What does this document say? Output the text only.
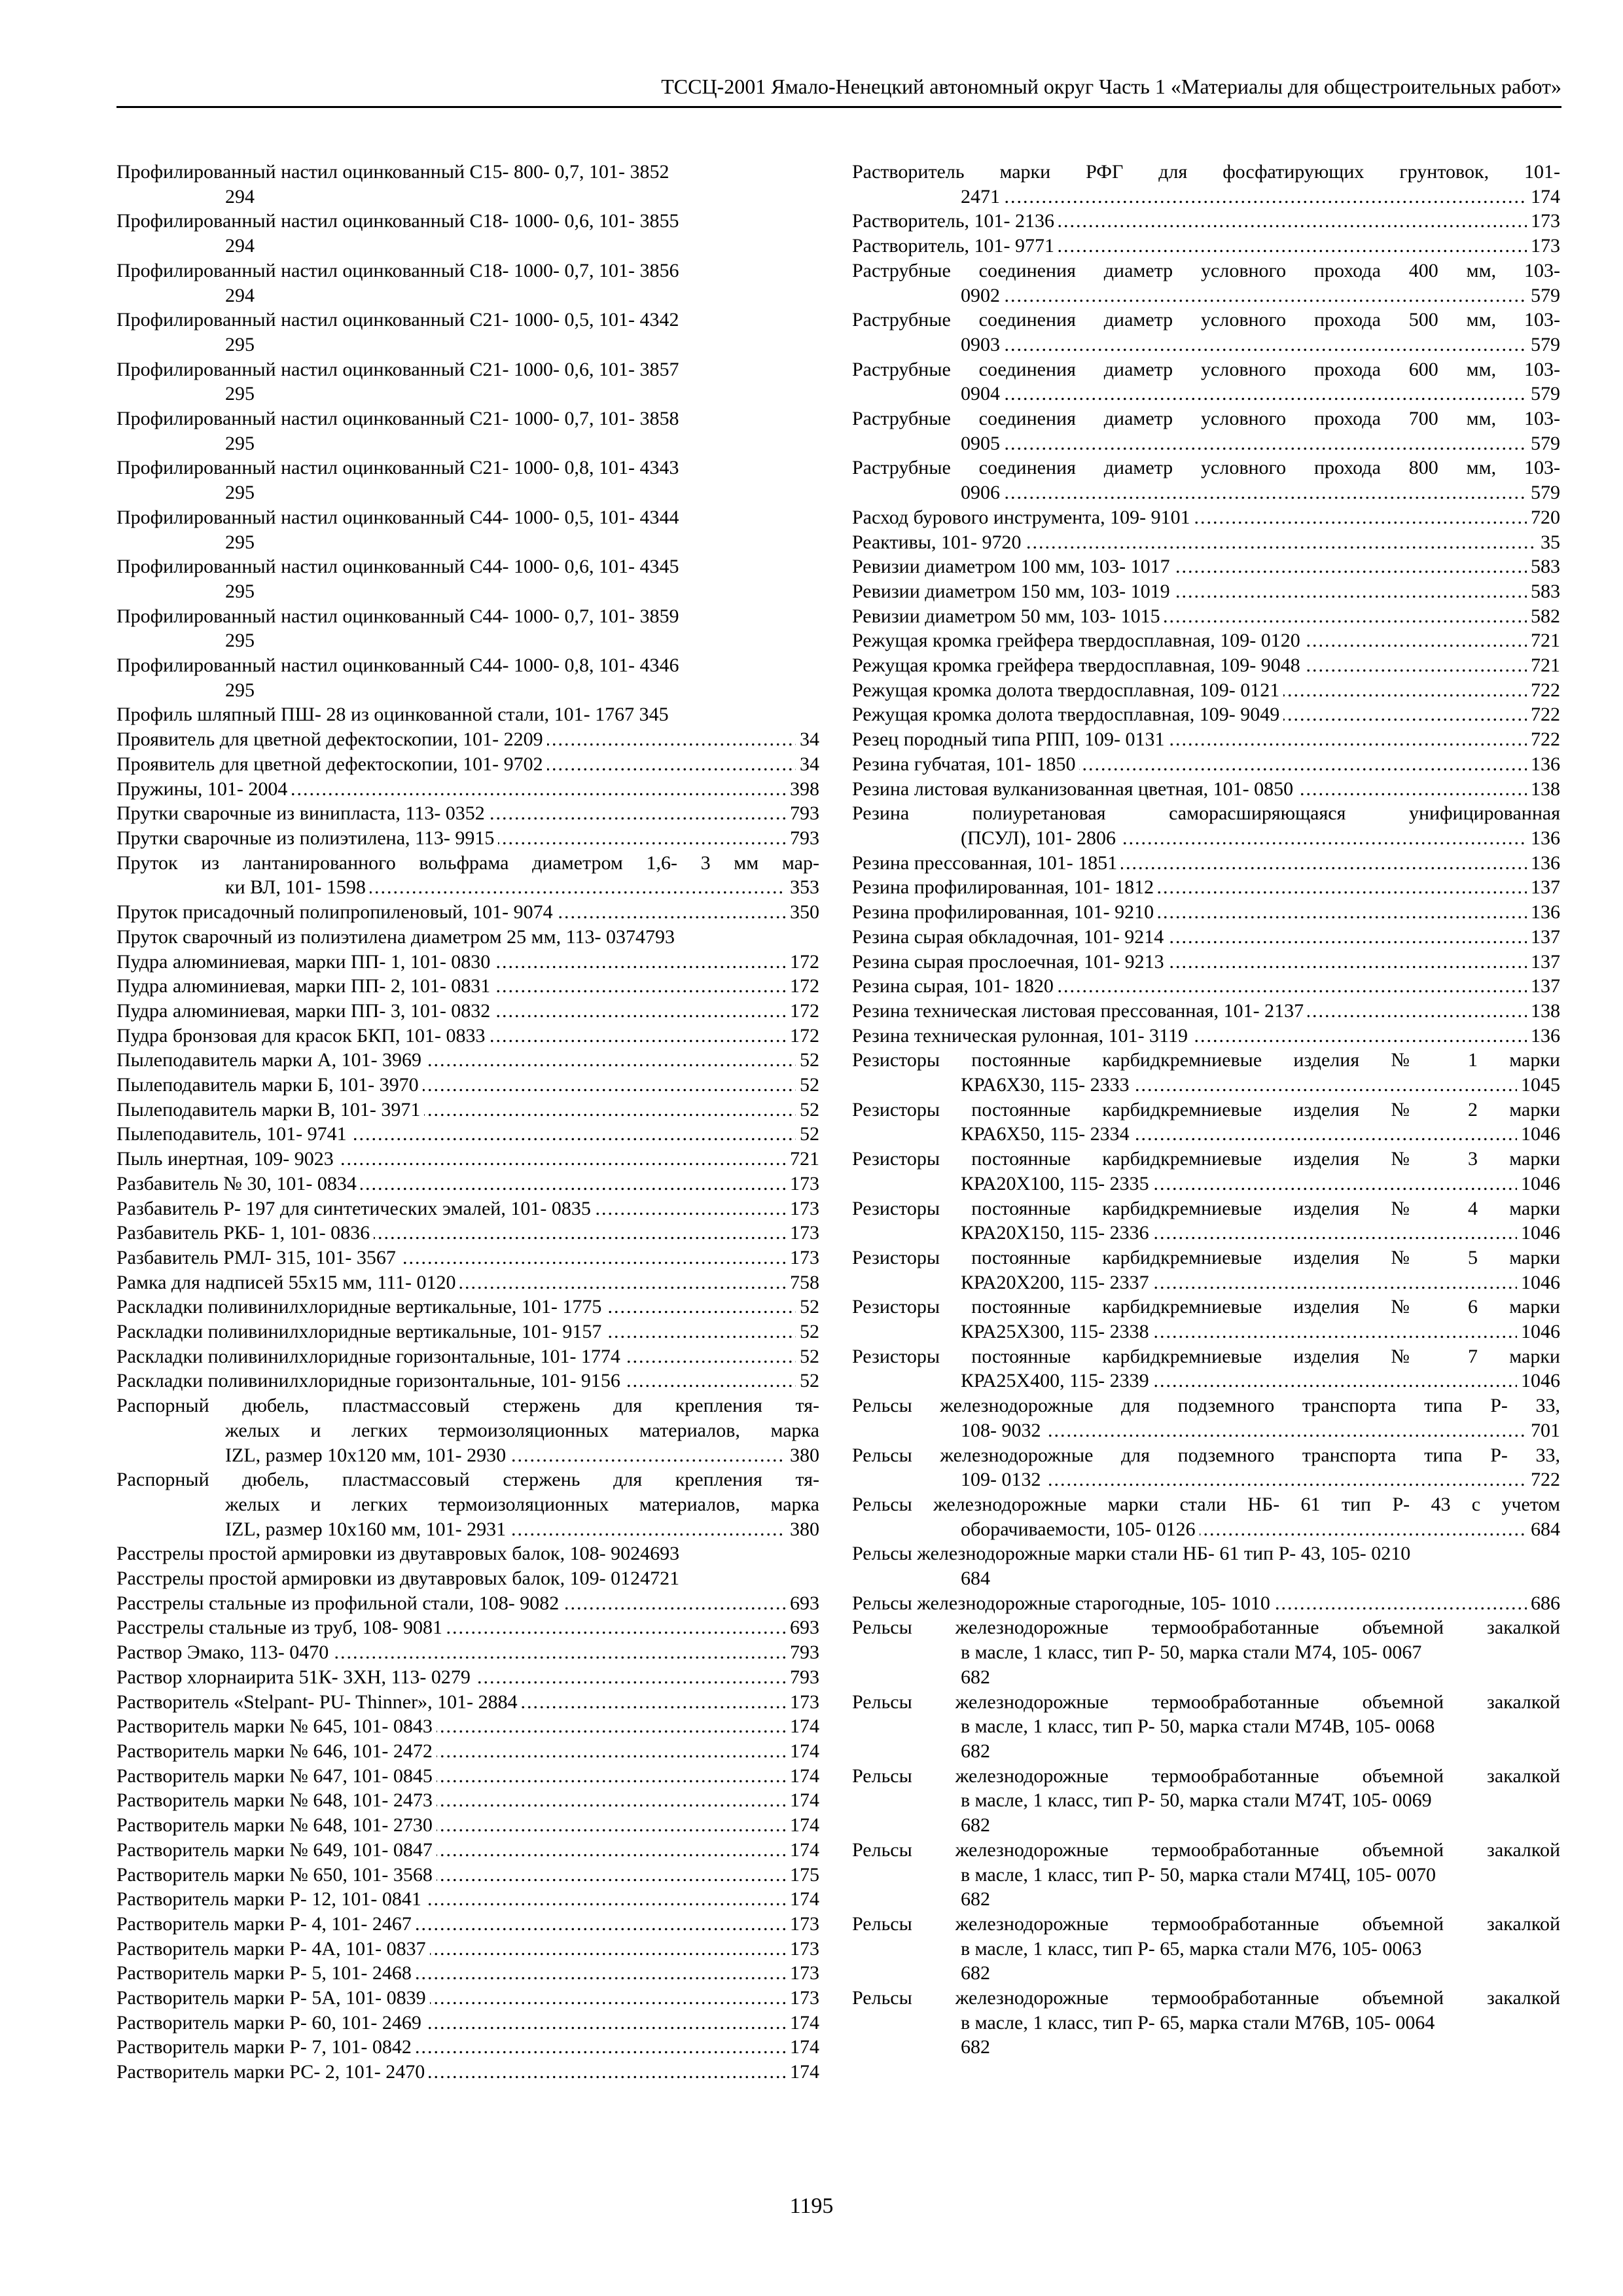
ТССЦ-2001 Ямало-Ненецкий автономный округ Часть 1 «Материалы для общестроительных работ»
Профилированный настил оцинкованный С15- 800- 0,7, 101- 3852
294
Профилированный настил оцинкованный С18- 1000- 0,6, 101- 3855
294
Профилированный настил оцинкованный С18- 1000- 0,7, 101- 3856
294
Профилированный настил оцинкованный С21- 1000- 0,5, 101- 4342
295
Профилированный настил оцинкованный С21- 1000- 0,6, 101- 3857
295
Профилированный настил оцинкованный С21- 1000- 0,7, 101- 3858
295
Профилированный настил оцинкованный С21- 1000- 0,8, 101- 4343
295
Профилированный настил оцинкованный С44- 1000- 0,5, 101- 4344
295
Профилированный настил оцинкованный С44- 1000- 0,6, 101- 4345
295
Профилированный настил оцинкованный С44- 1000- 0,7, 101- 3859
295
Профилированный настил оцинкованный С44- 1000- 0,8, 101- 4346
295
Профиль шляпный ПШ- 28 из оцинкованной стали, 101- 1767 345
34
Проявитель для цветной дефектоскопии, 101- 2209 .....
34
Проявитель для цветной дефектоскопии, 101- 9702 .....
398
Пружины, 101- 2004 .....
793
Прутки сварочные из винипласта, 113- 0352 .....
793
Прутки сварочные из полиэтилена, 113- 9915 .....
Пруток из лантанированного вольфрама диаметром 1,6- 3 мм мар-
353
ки ВЛ, 101- 1598 .....
350
Пруток присадочный полипропиленовый, 101- 9074 .....
Пруток сварочный из полиэтилена диаметром 25 мм, 113- 0374793
172
Пудра алюминиевая, марки ПП- 1, 101- 0830 .....
172
Пудра алюминиевая, марки ПП- 2, 101- 0831 .....
172
Пудра алюминиевая, марки ПП- 3, 101- 0832 .....
172
Пудра бронзовая для красок БКП, 101- 0833 .....
52
Пылеподавитель марки А, 101- 3969 .....
52
Пылеподавитель марки Б, 101- 3970 .....
52
Пылеподавитель марки В, 101- 3971 .....
52
Пылеподавитель, 101- 9741 .....
721
Пыль инертная, 109- 9023 .....
173
Разбавитель № 30, 101- 0834 .....
173
Разбавитель Р- 197 для синтетических эмалей, 101- 0835 .....
173
Разбавитель РКБ- 1, 101- 0836 .....
173
Разбавитель РМЛ- 315, 101- 3567 .....
758
Рамка для надписей 55x15 мм, 111- 0120 .....
52
Раскладки поливинилхлоридные вертикальные, 101- 1775 .....
52
Раскладки поливинилхлоридные вертикальные, 101- 9157 .....
52
Раскладки поливинилхлоридные горизонтальные, 101- 1774 .....
52
Раскладки поливинилхлоридные горизонтальные, 101- 9156 .....
Распорный дюбель, пластмассовый стержень для крепления тя-
желых и легких термоизоляционных материалов, марка
380
IZL, размер 10х120 мм, 101- 2930 .....
Распорный дюбель, пластмассовый стержень для крепления тя-
желых и легких термоизоляционных материалов, марка
380
IZL, размер 10х160 мм, 101- 2931 .....
Расстрелы простой армировки из двутавровых балок, 108- 9024693
Расстрелы простой армировки из двутавровых балок, 109- 0124721
693
Расстрелы стальные из профильной стали, 108- 9082 .....
693
Расстрелы стальные из труб, 108- 9081 .....
793
Раствор Эмако, 113- 0470 .....
793
Раствор хлорнаирита 51К- 3ХН, 113- 0279 .....
173
Растворитель «Stelpant- PU- Thinner», 101- 2884 .....
174
Растворитель марки № 645, 101- 0843 .....
174
Растворитель марки № 646, 101- 2472 .....
174
Растворитель марки № 647, 101- 0845 .....
174
Растворитель марки № 648, 101- 2473 .....
174
Растворитель марки № 648, 101- 2730 .....
174
Растворитель марки № 649, 101- 0847 .....
175
Растворитель марки № 650, 101- 3568 .....
174
Растворитель марки Р- 12, 101- 0841 .....
173
Растворитель марки Р- 4, 101- 2467 .....
173
Растворитель марки Р- 4А, 101- 0837 .....
173
Растворитель марки Р- 5, 101- 2468 .....
173
Растворитель марки Р- 5А, 101- 0839 .....
174
Растворитель марки Р- 60, 101- 2469 .....
174
Растворитель марки Р- 7, 101- 0842 .....
174
Растворитель марки РС- 2, 101- 2470 .....
Растворитель марки РФГ для фосфатирующих грунтовок, 101-
174
2471 .....
173
Растворитель, 101- 2136 .....
173
Растворитель, 101- 9771 .....
Раструбные соединения диаметр условного прохода 400 мм, 103-
579
0902 .....
Раструбные соединения диаметр условного прохода 500 мм, 103-
579
0903 .....
Раструбные соединения диаметр условного прохода 600 мм, 103-
579
0904 .....
Раструбные соединения диаметр условного прохода 700 мм, 103-
579
0905 .....
Раструбные соединения диаметр условного прохода 800 мм, 103-
579
0906 .....
720
Расход бурового инструмента, 109- 9101 .....
35
Реактивы, 101- 9720 .....
583
Ревизии диаметром 100 мм, 103- 1017 .....
583
Ревизии диаметром 150 мм, 103- 1019 .....
582
Ревизии диаметром 50 мм, 103- 1015 .....
721
Режущая кромка грейфера твердосплавная, 109- 0120 .....
721
Режущая кромка грейфера твердосплавная, 109- 9048 .....
722
Режущая кромка долота твердосплавная, 109- 0121 .....
722
Режущая кромка долота твердосплавная, 109- 9049 .....
722
Резец породный типа РПП, 109- 0131 .....
136
Резина губчатая, 101- 1850 .....
138
Резина листовая вулканизованная цветная, 101- 0850 .....
Резина полиуретановая саморасширяющаяся унифицированная
136
(ПСУЛ), 101- 2806 .....
136
Резина прессованная, 101- 1851 .....
137
Резина профилированная, 101- 1812 .....
136
Резина профилированная, 101- 9210 .....
137
Резина сырая обкладочная, 101- 9214 .....
137
Резина сырая прослоечная, 101- 9213 .....
137
Резина сырая, 101- 1820 .....
138
Резина техническая листовая прессованная, 101- 2137 .....
136
Резина техническая рулонная, 101- 3119 .....
Резисторы постоянные карбидкремниевые изделия № 1 марки
1045
КРА6Х30, 115- 2333 .....
Резисторы постоянные карбидкремниевые изделия № 2 марки
1046
КРА6Х50, 115- 2334 .....
Резисторы постоянные карбидкремниевые изделия № 3 марки
1046
КРА20Х100, 115- 2335 .....
Резисторы постоянные карбидкремниевые изделия № 4 марки
1046
КРА20Х150, 115- 2336 .....
Резисторы постоянные карбидкремниевые изделия № 5 марки
1046
КРА20Х200, 115- 2337 .....
Резисторы постоянные карбидкремниевые изделия № 6 марки
1046
КРА25Х300, 115- 2338 .....
Резисторы постоянные карбидкремниевые изделия № 7 марки
1046
КРА25Х400, 115- 2339 .....
Рельсы железнодорожные для подземного транспорта типа Р- 33,
701
108- 9032 .....
Рельсы железнодорожные для подземного транспорта типа Р- 33,
722
109- 0132 .....
Рельсы железнодорожные марки стали НБ- 61 тип Р- 43 с учетом
684
оборачиваемости, 105- 0126 .....
Рельсы железнодорожные марки стали НБ- 61 тип Р- 43, 105- 0210
684
686
Рельсы железнодорожные старогодные, 105- 1010 .....
Рельсы железнодорожные термообработанные объемной закалкой
в масле, 1 класс, тип Р- 50, марка стали М74, 105- 0067
682
Рельсы железнодорожные термообработанные объемной закалкой
в масле, 1 класс, тип Р- 50, марка стали М74В, 105- 0068
682
Рельсы железнодорожные термообработанные объемной закалкой
в масле, 1 класс, тип Р- 50, марка стали М74Т, 105- 0069
682
Рельсы железнодорожные термообработанные объемной закалкой
в масле, 1 класс, тип Р- 50, марка стали М74Ц, 105- 0070
682
Рельсы железнодорожные термообработанные объемной закалкой
в масле, 1 класс, тип Р- 65, марка стали М76, 105- 0063
682
Рельсы железнодорожные термообработанные объемной закалкой
в масле, 1 класс, тип Р- 65, марка стали М76В, 105- 0064
682
1195
